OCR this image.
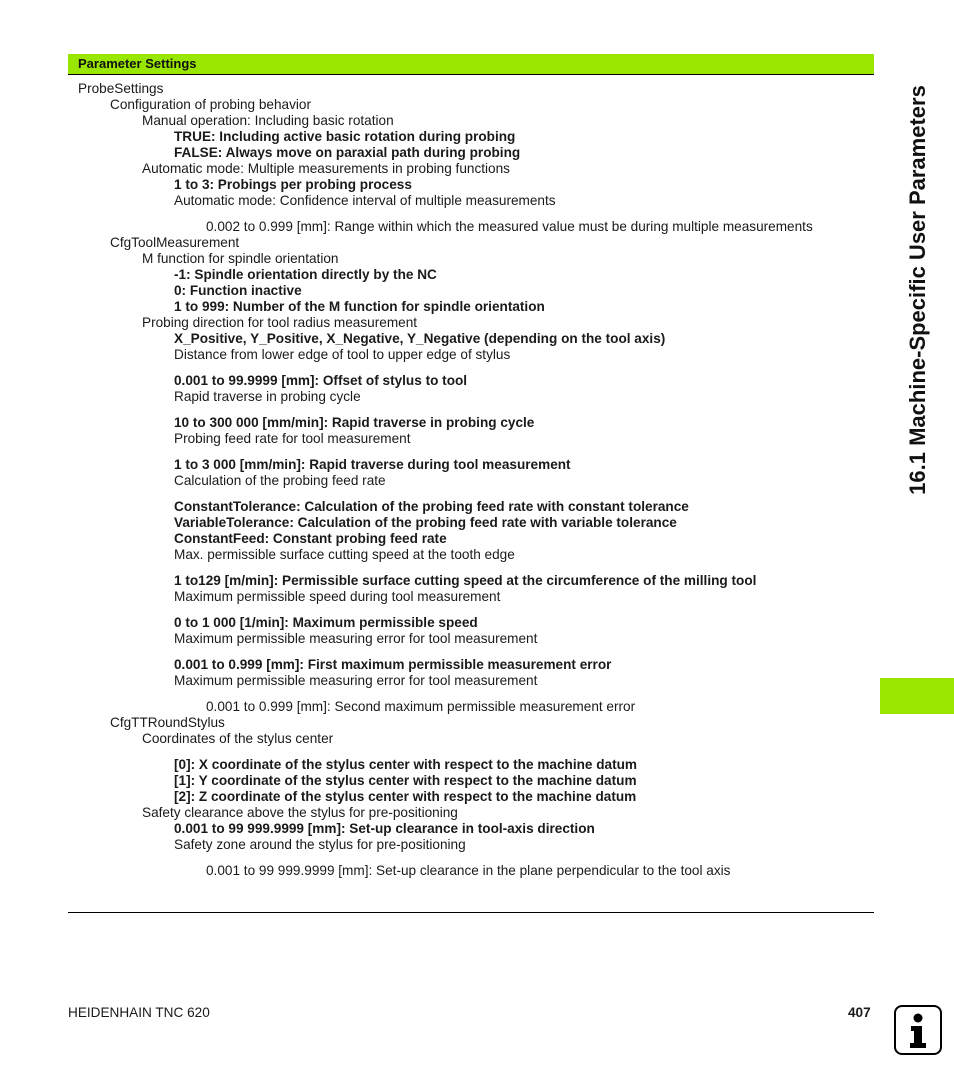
Parameter Settings
ProbeSettings
Configuration of probing behavior
Manual operation: Including basic rotation
TRUE: Including active basic rotation during probing
FALSE: Always move on paraxial path during probing
Automatic mode: Multiple measurements in probing functions
1 to 3: Probings per probing process
Automatic mode: Confidence interval of multiple measurements
0.002 to 0.999 [mm]: Range within which the measured value must be during multiple measurements
CfgToolMeasurement
M function for spindle orientation
-1: Spindle orientation directly by the NC
0: Function inactive
1 to 999: Number of the M function for spindle orientation
Probing direction for tool radius measurement
X_Positive, Y_Positive, X_Negative, Y_Negative (depending on the tool axis)
Distance from lower edge of tool to upper edge of stylus
0.001 to 99.9999 [mm]: Offset of stylus to tool
Rapid traverse in probing cycle
10 to 300 000 [mm/min]: Rapid traverse in probing cycle
Probing feed rate for tool measurement
1 to 3 000 [mm/min]: Rapid traverse during tool measurement
Calculation of the probing feed rate
ConstantTolerance: Calculation of the probing feed rate with constant tolerance
VariableTolerance: Calculation of the probing feed rate with variable tolerance
ConstantFeed: Constant probing feed rate
Max. permissible surface cutting speed at the tooth edge
1 to129 [m/min]: Permissible surface cutting speed at the circumference of the milling tool
Maximum permissible speed during tool measurement
0 to 1 000 [1/min]: Maximum permissible speed
Maximum permissible measuring error for tool measurement
0.001 to 0.999 [mm]: First maximum permissible measurement error
Maximum permissible measuring error for tool measurement
0.001 to 0.999 [mm]: Second maximum permissible measurement error
CfgTTRoundStylus
Coordinates of the stylus center
[0]: X coordinate of the stylus center with respect to the machine datum
[1]: Y coordinate of the stylus center with respect to the machine datum
[2]: Z coordinate of the stylus center with respect to the machine datum
Safety clearance above the stylus for pre-positioning
0.001 to 99 999.9999 [mm]: Set-up clearance in tool-axis direction
Safety zone around the stylus for pre-positioning
0.001 to 99 999.9999 [mm]: Set-up clearance in the plane perpendicular to the tool axis
16.1 Machine-Specific User Parameters
HEIDENHAIN TNC 620	407
